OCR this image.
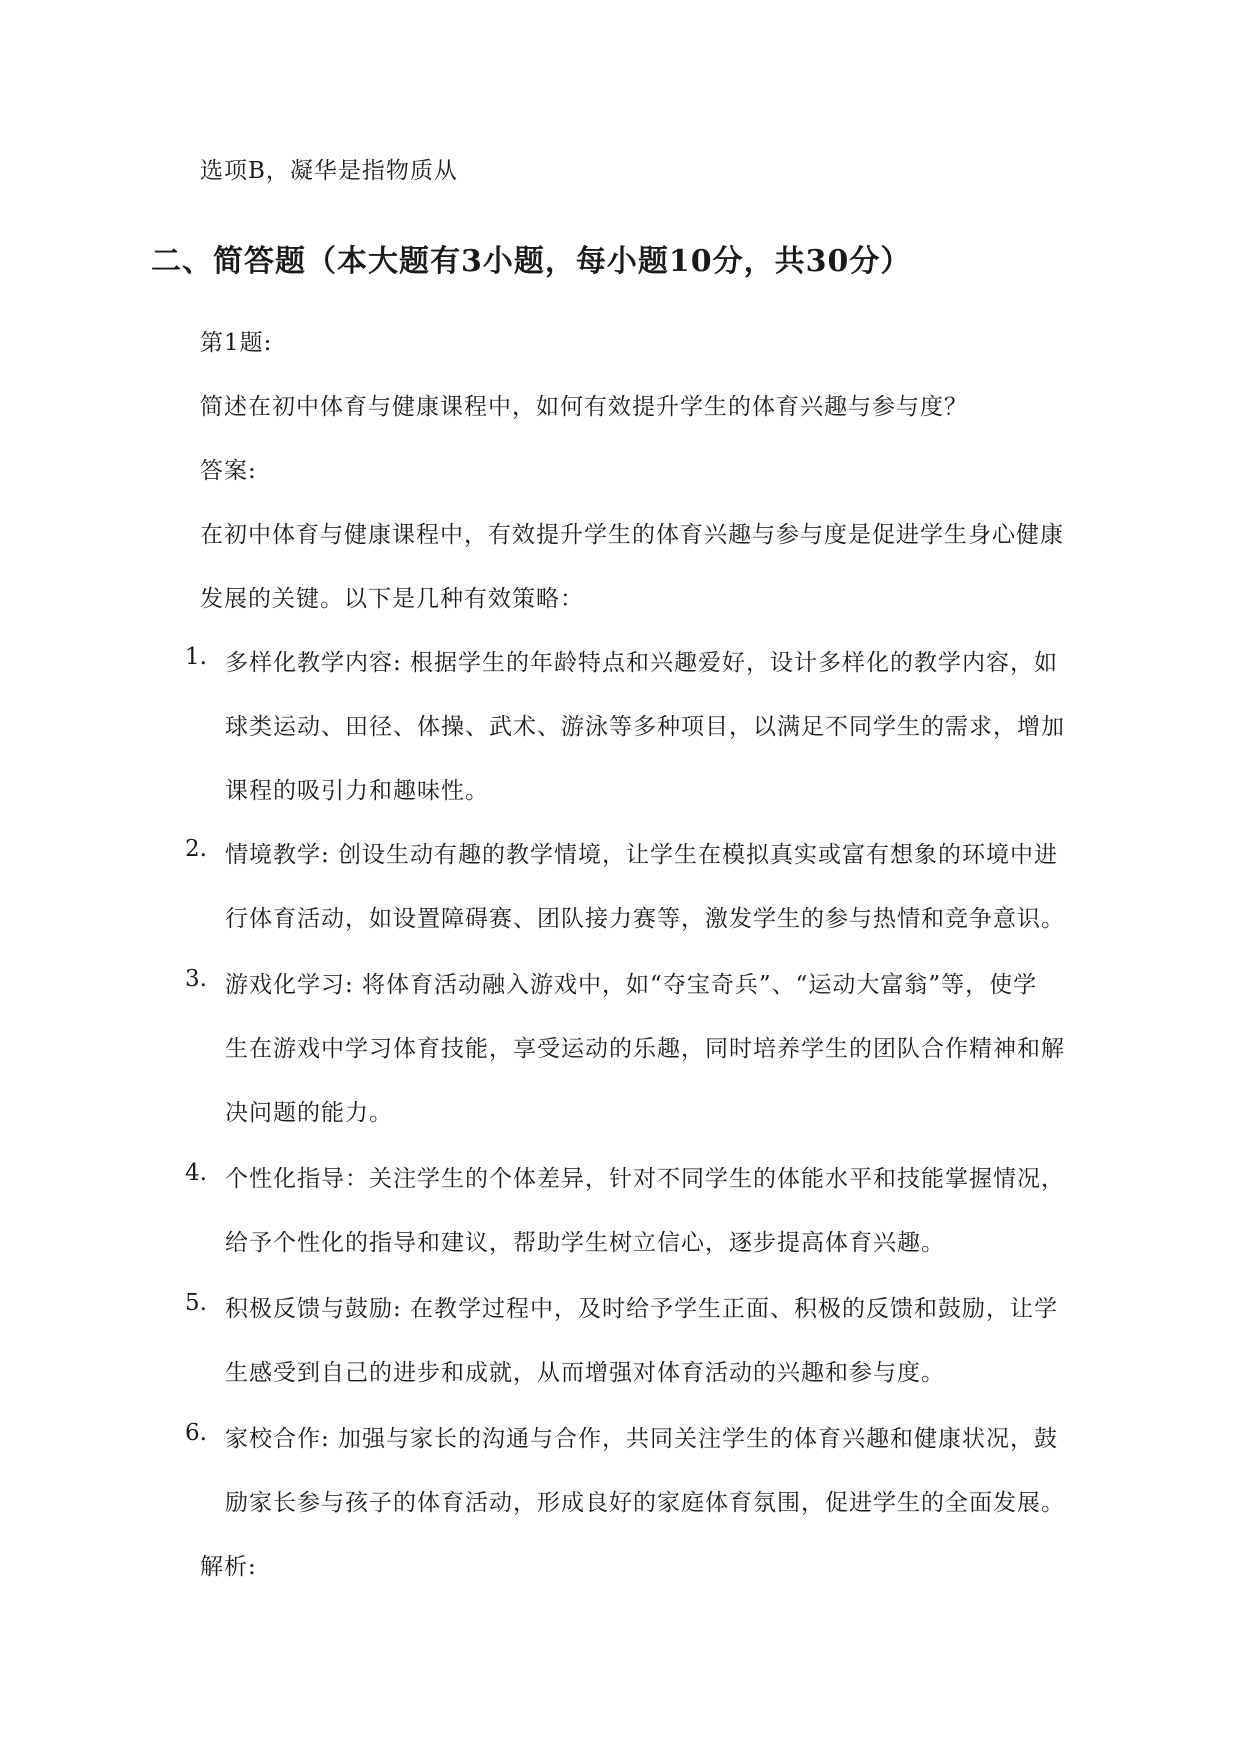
选项B，凝华是指物质从
二、简答题（本大题有3小题，每小题10分，共30分）
第1题:
简述在初中体育与健康课程中，如何有效提升学生的体育兴趣与参与度？
答案:
在初中体育与健康课程中，有效提升学生的体育兴趣与参与度是促进学生身心健康
发展的关键。以下是几种有效策略：
1. 多样化教学内容: 根据学生的年龄特点和兴趣爱好，设计多样化的教学内容，如
球类运动、田径、体操、武术、游泳等多种项目，以满足不同学生的需求，增加
课程的吸引力和趣味性。
2. 情境教学: 创设生动有趣的教学情境，让学生在模拟真实或富有想象的环境中进
行体育活动，如设置障碍赛、团队接力赛等，激发学生的参与热情和竞争意识。
3. 游戏化学习: 将体育活动融入游戏中，如“夺宝奇兵”、“运动大富翁”等，使学
生在游戏中学习体育技能，享受运动的乐趣，同时培养学生的团队合作精神和解
决问题的能力。
4. 个性化指导：关注学生的个体差异，针对不同学生的体能水平和技能掌握情况，
给予个性化的指导和建议，帮助学生树立信心，逐步提高体育兴趣。
5. 积极反馈与鼓励: 在教学过程中，及时给予学生正面、积极的反馈和鼓励，让学
生感受到自己的进步和成就，从而增强对体育活动的兴趣和参与度。
6. 家校合作: 加强与家长的沟通与合作，共同关注学生的体育兴趣和健康状况，鼓
励家长参与孩子的体育活动，形成良好的家庭体育氛围，促进学生的全面发展。
解析:
